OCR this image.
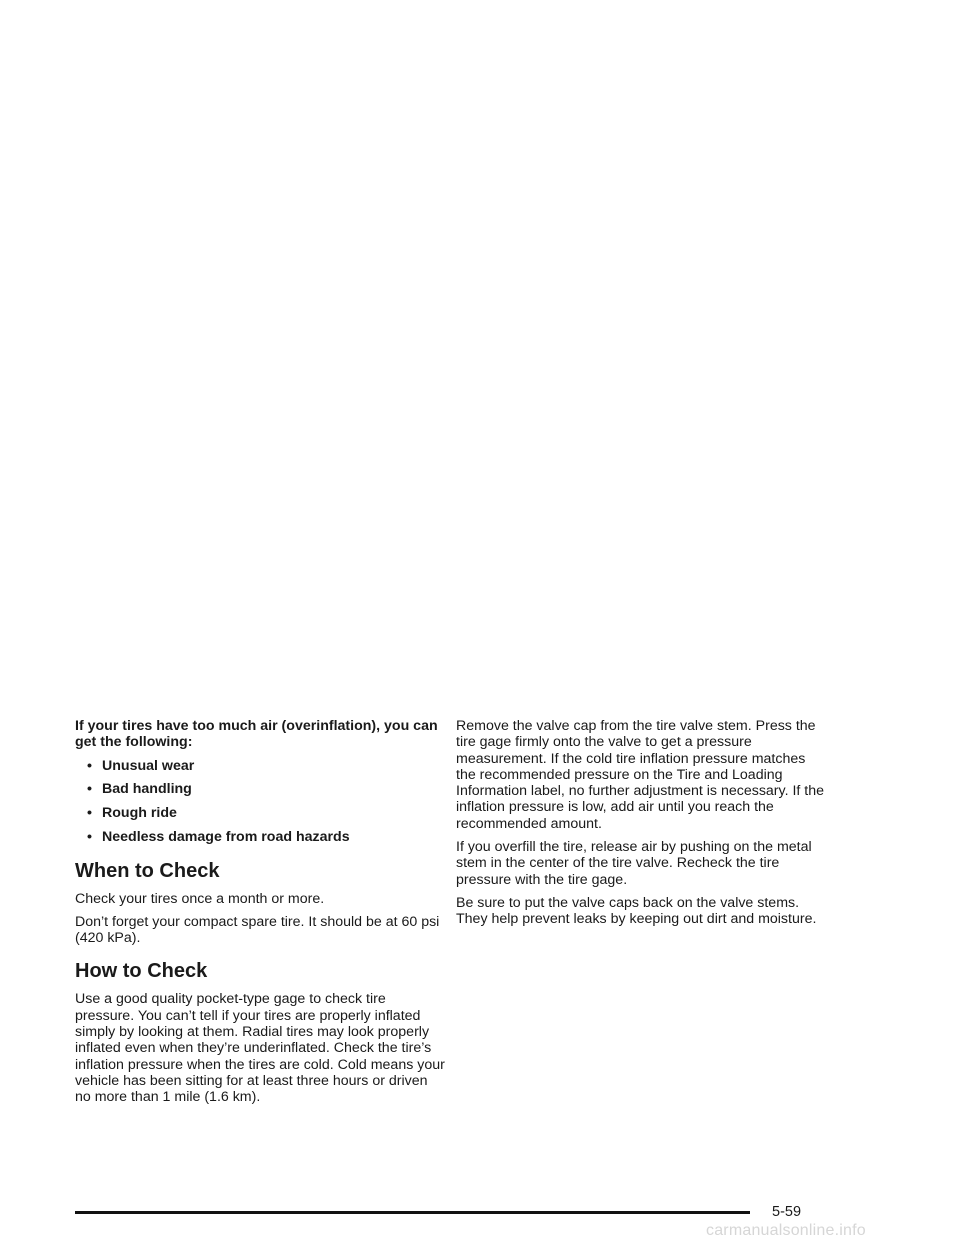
If your tires have too much air (overinflation), you can get the following:

• Unusual wear
• Bad handling
• Rough ride
• Needless damage from road hazards
When to Check

Check your tires once a month or more.

Don’t forget your compact spare tire. It should be at 60 psi (420 kPa).

How to Check

Use a good quality pocket-type gage to check tire pressure. You can’t tell if your tires are properly inflated simply by looking at them. Radial tires may look properly inflated even when they’re underinflated. Check the tire’s inflation pressure when the tires are cold. Cold means your vehicle has been sitting for at least three hours or driven no more than 1 mile (1.6 km).

Remove the valve cap from the tire valve stem. Press the tire gage firmly onto the valve to get a pressure measurement. If the cold tire inflation pressure matches the recommended pressure on the Tire and Loading Information label, no further adjustment is necessary. If the inflation pressure is low, add air until you reach the recommended amount.

If you overfill the tire, release air by pushing on the metal stem in the center of the tire valve. Recheck the tire pressure with the tire gage.

Be sure to put the valve caps back on the valve stems. They help prevent leaks by keeping out dirt and moisture.

5-59
carmanualsonline.info
